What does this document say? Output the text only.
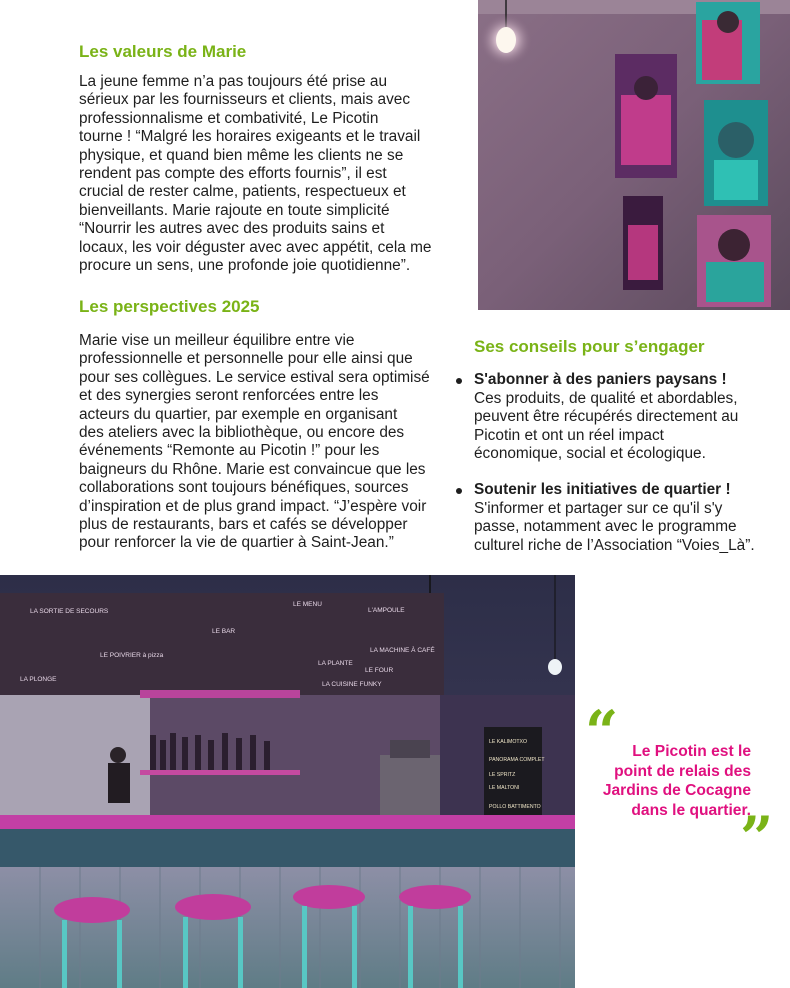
Les valeurs de Marie
La jeune femme n’a pas toujours été prise au
sérieux par les fournisseurs et clients, mais avec
professionnalisme et combativité, Le Picotin
tourne ! “Malgré les horaires exigeants et le travail
physique, et quand bien même les clients ne se
rendent pas compte des efforts fournis”, il est
crucial de rester calme, patients, respectueux et
bienveillants. Marie rajoute en toute simplicité
“Nourrir les autres avec des produits sains et
locaux, les voir déguster avec avec appétit, cela me
procure un sens, une profonde joie quotidienne”.
Les perspectives 2025
Marie vise un meilleur équilibre entre vie
professionnelle et personnelle pour elle ainsi que
pour ses collègues. Le service estival sera optimisé
et des synergies seront renforcées entre les
acteurs du quartier, par exemple en organisant
des ateliers avec la bibliothèque, ou encore des
événements “Remonte au Picotin !” pour les
baigneurs du Rhône. Marie est convaincue que les
collaborations sont toujours bénéfiques, sources
d’inspiration et de plus grand impact. “J’espère voir
plus de restaurants, bars et cafés se développer
pour renforcer la vie de quartier à Saint-Jean.”
Ses conseils pour s’engager
S'abonner à des paniers paysans !
Ces produits, de qualité et abordables,
peuvent être récupérés directement au
Picotin et ont un réel impact
économique, social et écologique.
Soutenir les initiatives de quartier !
S'informer et partager sur ce qu'il s'y
passe, notamment avec le programme
culturel riche de l’Association “Voies_Là”.
LA SORTIE DE SECOURS
LE MENU
L'AMPOULE
LE BAR
LE POIVRIER à pizza
LA PLANTE
LA MACHINE À CAFÉ
LE FOUR
LA PLONGE
LA CUISINE FUNKY
LE KALIMOTXO
PANORAMA COMPLET
LE SPRITZ
LE MALTONI
POLLO BATTIMENTO
“ Le Picotin est le
point de relais des
Jardins de Cocagne
dans le quartier.
”
